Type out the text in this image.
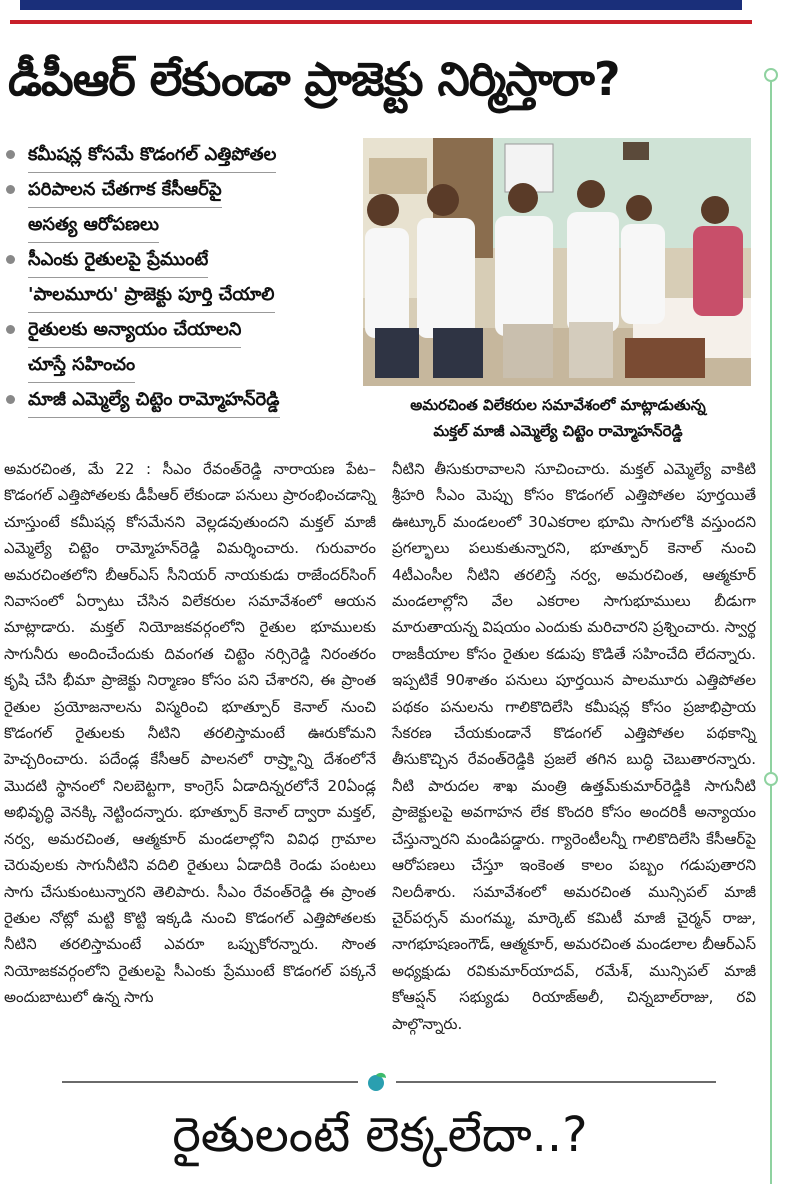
డీపీఆర్ లేకుండా ప్రాజెక్టు నిర్మిస్తారా?
కమీషన్ల కోసమే కొడంగల్ ఎత్తిపోతల
పరిపాలన చేతగాక కేసీఆర్‌పై
అసత్య ఆరోపణలు
సీఎంకు రైతులపై ప్రేముంటే
'పాలమూరు' ప్రాజెక్టు పూర్తి చేయాలి
రైతులకు అన్యాయం చేయాలని
చూస్తే సహించం
మాజీ ఎమ్మెల్యే చిట్టెం రామ్మోహన్‌రెడ్డి	అమరచింత విలేకరుల సమావేశంలో మాట్లాడుతున్న
మక్తల్ మాజీ ఎమ్మెల్యే చిట్టెం రామ్మోహన్‌రెడ్డి

అమరచింత, మే 22 : సీఎం రేవంత్‌రెడ్డి నారాయణ పేట–కొడంగల్ ఎత్తిపోతలకు డీపీఆర్ లేకుండా పనులు ప్రారంభించడాన్ని చూస్తుంటే కమీషన్ల కోసమేనని వెల్లడవుతుందని మక్తల్ మాజీ ఎమ్మెల్యే చిట్టెం రామ్మోహన్‌రెడ్డి విమర్శించారు. గురువారం అమరచింతలోని బీఆర్‌ఎస్ సీనియర్ నాయకుడు రాజేందర్‌సింగ్ నివాసంలో ఏర్పాటు చేసిన విలేకరుల సమావేశంలో ఆయన మాట్లాడారు. మక్తల్ నియోజకవర్గంలోని రైతుల భూములకు సాగునీరు అందించేందుకు దివంగత చిట్టెం నర్సిరెడ్డి నిరంతరం కృషి చేసి భీమా ప్రాజెక్టు నిర్మాణం కోసం పని చేశారని, ఈ ప్రాంత రైతుల ప్రయోజనాలను విస్మరించి భూత్పూర్ కెనాల్ నుంచి కొడంగల్ రైతులకు నీటిని తరలిస్తామంటే ఊరుకోమని హెచ్చరించారు. పదేండ్ల కేసీఆర్ పాలనలో రాష్ర్టాన్ని దేశంలోనే మొదటి స్థానంలో నిలబెట్టగా, కాంగ్రెస్ ఏడాదిన్నరలోనే 20ఏండ్ల అభివృద్ధి వెనక్కి నెట్టిందన్నారు. భూత్పూర్ కెనాల్ ద్వారా మక్తల్, నర్వ, అమరచింత, ఆత్మకూర్ మండలాల్లోని వివిధ గ్రామాల చెరువులకు సాగునీటిని వదిలి రైతులు ఏడాదికి రెండు పంటలు సాగు చేసుకుంటున్నారని తెలిపారు. సీఎం రేవంత్‌రెడ్డి ఈ ప్రాంత రైతుల నోట్లో మట్టి కొట్టి ఇక్కడి నుంచి కొడంగల్ ఎత్తిపోతలకు నీటిని తరలిస్తామంటే ఎవరూ ఒప్పుకోరన్నారు. సొంత నియోజకవర్గంలోని రైతులపై సీఎంకు ప్రేముంటే కొడంగల్ పక్కనే అందుబాటులో ఉన్న సాగు

నీటిని తీసుకురావాలని సూచించారు. మక్తల్ ఎమ్మెల్యే వాకిటి శ్రీహరి సీఎం మెప్పు కోసం కొడంగల్ ఎత్తిపోతల పూర్తయితే ఊట్కూర్ మండలంలో 30ఎకరాల భూమి సాగులోకి వస్తుందని ప్రగల్భాలు పలుకుతున్నారని, భూత్పూర్ కెనాల్ నుంచి 4టీఎంసీల నీటిని తరలిస్తే నర్వ, అమరచింత, ఆత్మకూర్ మండలాల్లోని వేల ఎకరాల సాగుభూములు బీడుగా మారుతాయన్న విషయం ఎందుకు మరిచారని ప్రశ్నించారు. స్వార్థ రాజకీయాల కోసం రైతుల కడుపు కొడితే సహించేది లేదన్నారు. ఇప్పటికే 90శాతం పనులు పూర్తయిన పాలమూరు ఎత్తిపోతల పథకం పనులను గాలికొదిలేసి కమీషన్ల కోసం ప్రజాభిప్రాయ సేకరణ చేయకుండానే కొడంగల్ ఎత్తిపోతల పథకాన్ని తీసుకొచ్చిన రేవంత్‌రెడ్డికి ప్రజలే తగిన బుద్ధి చెబుతారన్నారు. నీటి పారుదల శాఖ మంత్రి ఉత్తమ్‌కుమార్‌రెడ్డికి సాగునీటి ప్రాజెక్టులపై అవగాహన లేక కొందరి కోసం అందరికీ అన్యాయం చేస్తున్నారని మండిపడ్డారు. గ్యారెంటీలన్నీ గాలికొదిలేసి కేసీఆర్‌పై ఆరోపణలు చేస్తూ ఇంకెంత కాలం పబ్బం గడుపుతారని నిలదీశారు. సమావేశంలో అమరచింత మున్సిపల్ మాజీ చైర్‌పర్సన్ మంగమ్మ, మార్కెట్ కమిటీ మాజీ చైర్మన్ రాజు, నాగభూషణంగౌడ్, ఆత్మకూర్, అమరచింత మండలాల బీఆర్‌ఎస్ అధ్యక్షుడు రవికుమార్‌యాదవ్, రమేశ్, మున్సిపల్ మాజీ కోఆప్షన్ సభ్యుడు రియాజ్‌అలీ, చిన్నబాల్‌రాజు, రవి పాల్గొన్నారు.

రైతులంటే లెక్కలేదా..?
